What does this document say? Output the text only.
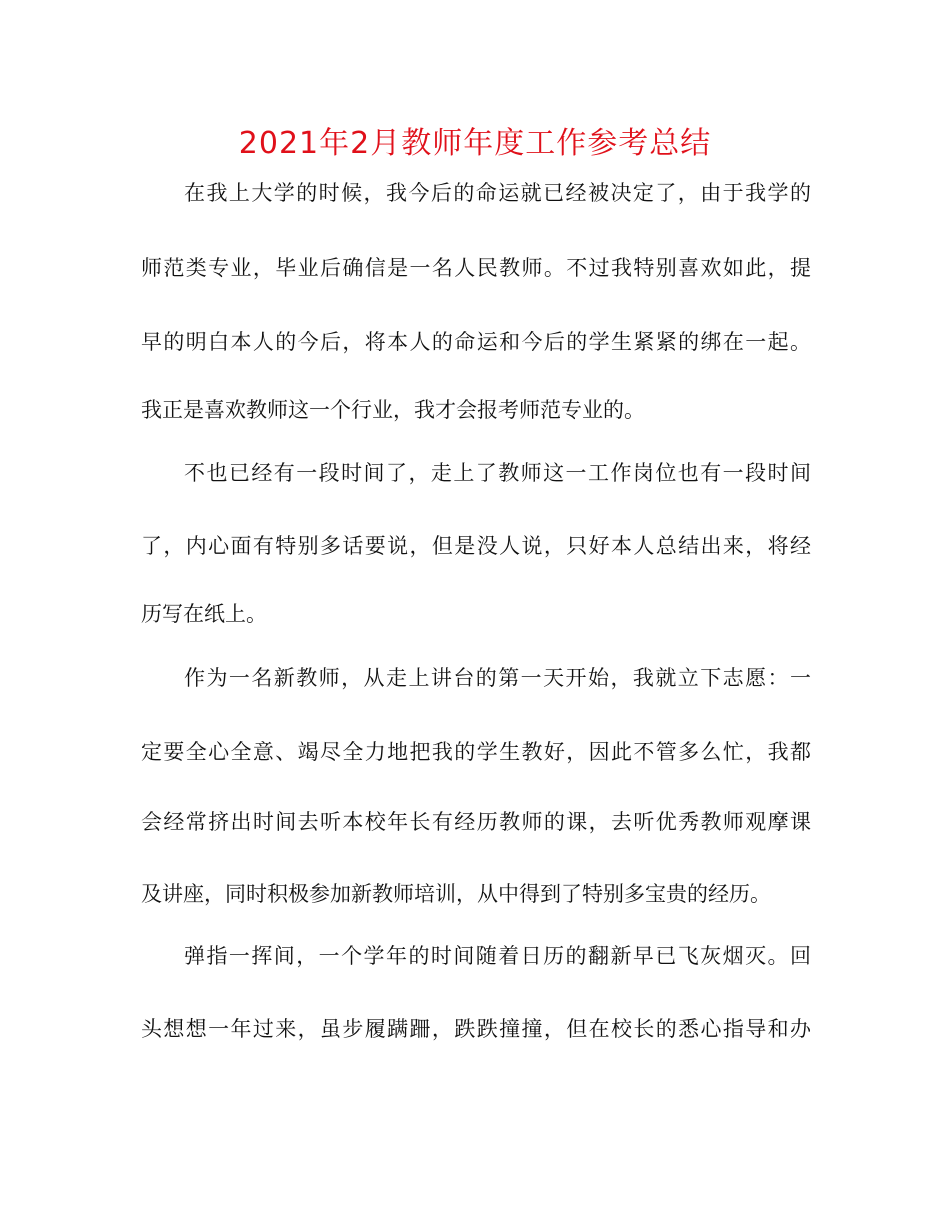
2021年2月教师年度工作参考总结
在我上大学的时候，我今后的命运就已经被决定了，由于我学的
师范类专业，毕业后确信是一名人民教师。不过我特别喜欢如此，提
早的明白本人的今后，将本人的命运和今后的学生紧紧的绑在一起。
我正是喜欢教师这一个行业，我才会报考师范专业的。
不也已经有一段时间了，走上了教师这一工作岗位也有一段时间
了，内心面有特别多话要说，但是没人说，只好本人总结出来，将经
历写在纸上。
作为一名新教师，从走上讲台的第一天开始，我就立下志愿：一
定要全心全意、竭尽全力地把我的学生教好，因此不管多么忙，我都
会经常挤出时间去听本校年长有经历教师的课，去听优秀教师观摩课
及讲座，同时积极参加新教师培训，从中得到了特别多宝贵的经历。
弹指一挥间，一个学年的时间随着日历的翻新早已飞灰烟灭。回
头想想一年过来，虽步履蹒跚，跌跌撞撞，但在校长的悉心指导和办
